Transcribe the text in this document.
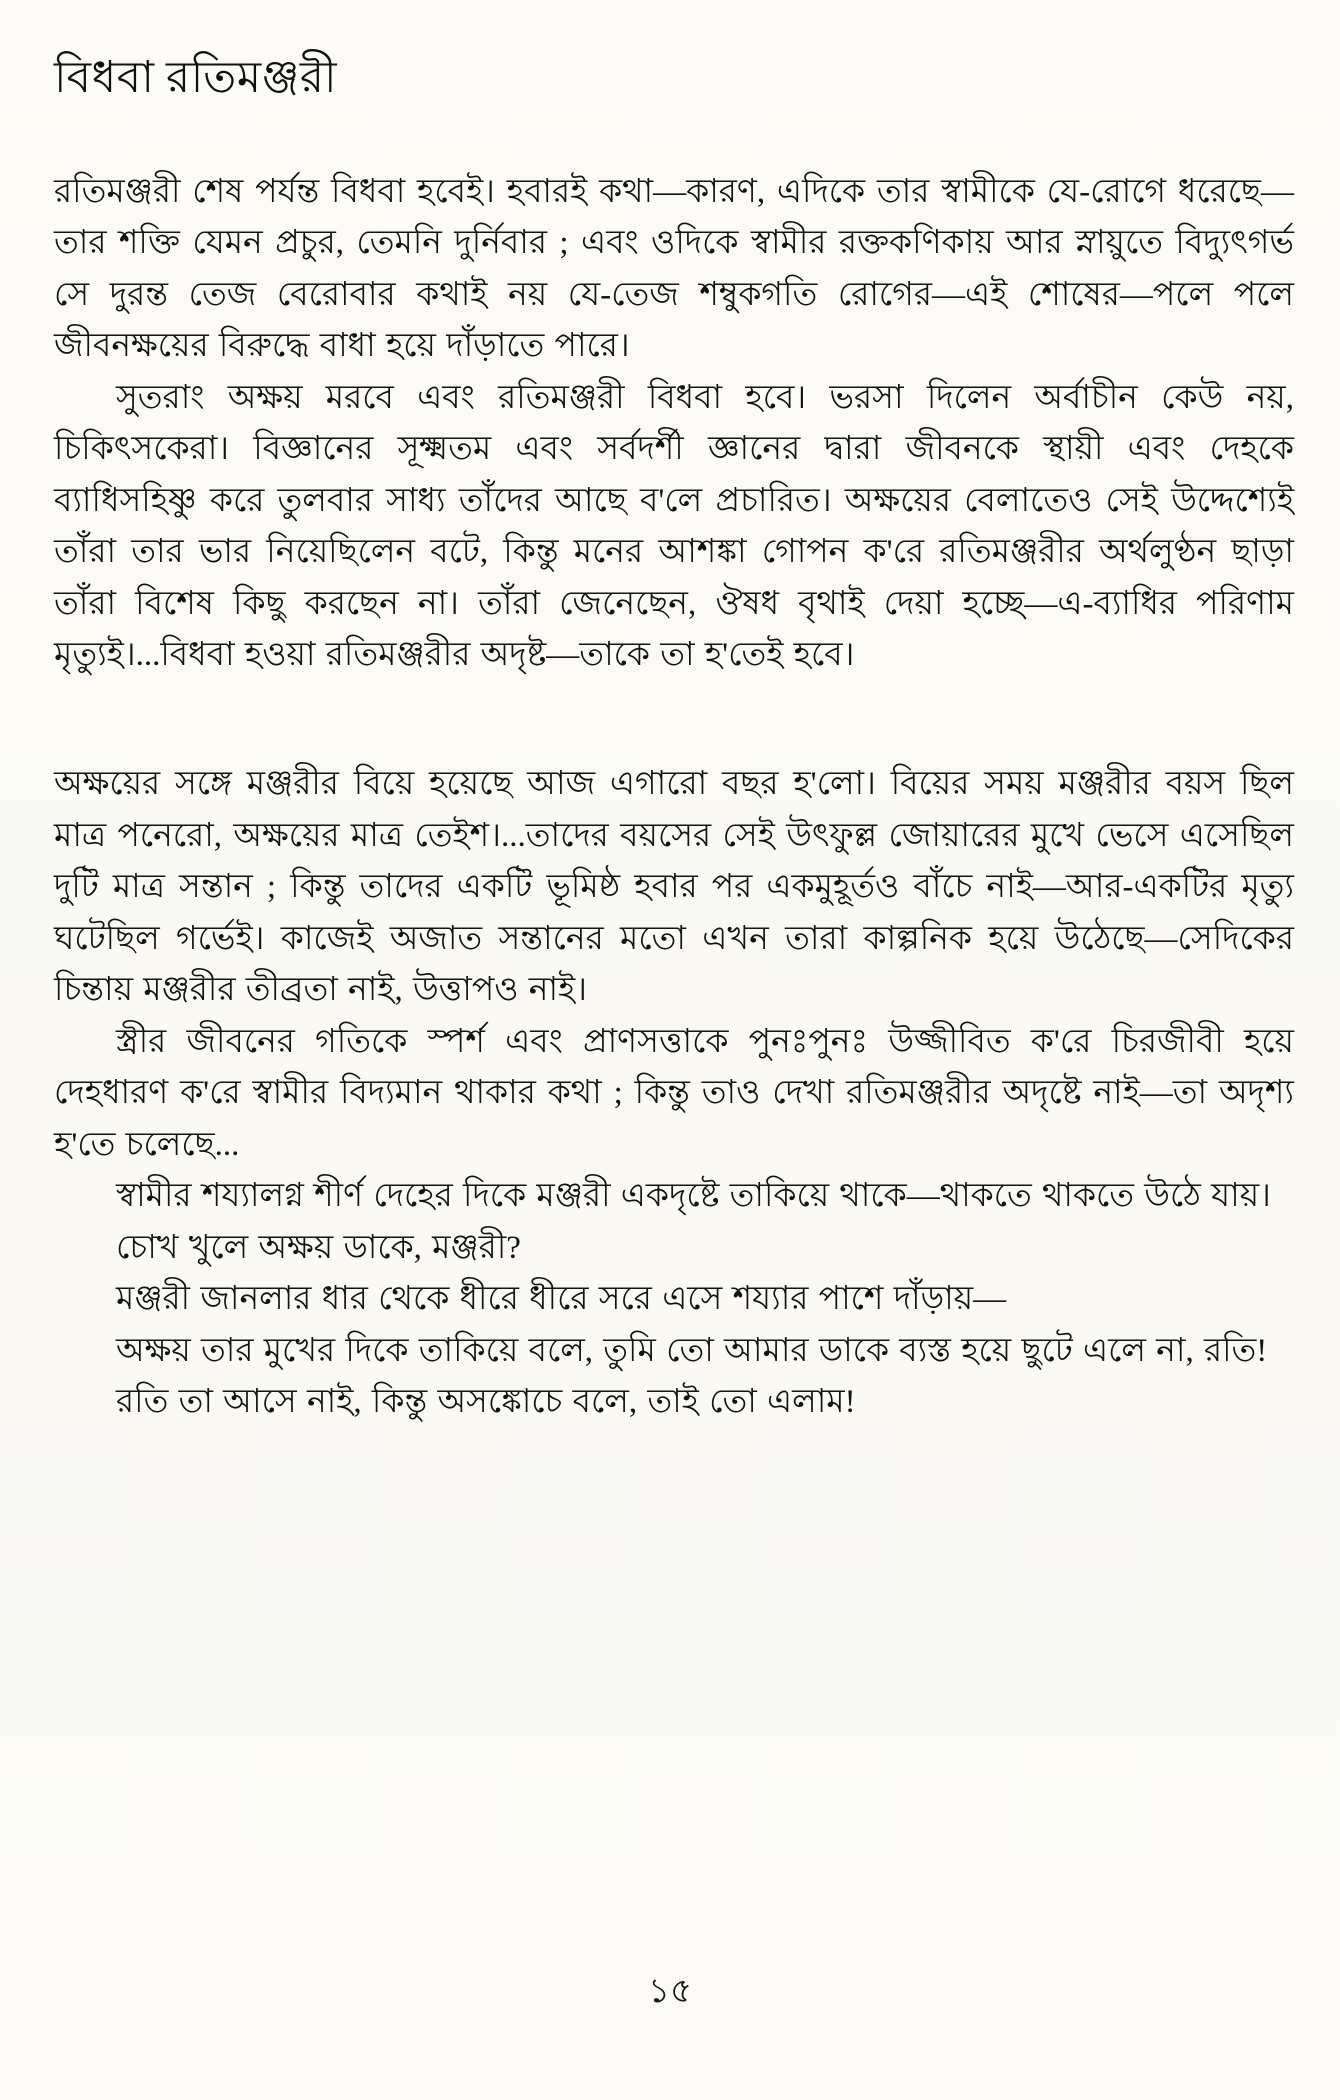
বিধবা রতিমঞ্জরী

রতিমঞ্জরী শেষ পর্যন্ত বিধবা হবেই। হবারই কথা—কারণ, এদিকে তার স্বামীকে যে-রোগে ধরেছে—তার শক্তি যেমন প্রচুর, তেমনি দুর্নিবার ; এবং ওদিকে স্বামীর রক্তকণিকায় আর স্নায়ুতে বিদ্যুৎগর্ভ সে দুরন্ত তেজ বেরোবার কথাই নয় যে-তেজ শম্বুকগতি রোগের—এই শোষের—পলে পলে জীবনক্ষয়ের বিরুদ্ধে বাধা হয়ে দাঁড়াতে পারে।

সুতরাং অক্ষয় মরবে এবং রতিমঞ্জরী বিধবা হবে। ভরসা দিলেন অর্বাচীন কেউ নয়, চিকিৎসকেরা। বিজ্ঞানের সূক্ষ্মতম এবং সর্বদর্শী জ্ঞানের দ্বারা জীবনকে স্থায়ী এবং দেহকে ব্যাধিসহিষ্ণু করে তুলবার সাধ্য তাঁদের আছে ব'লে প্রচারিত। অক্ষয়ের বেলাতেও সেই উদ্দেশ্যেই তাঁরা তার ভার নিয়েছিলেন বটে, কিন্তু মনের আশঙ্কা গোপন ক'রে রতিমঞ্জরীর অর্থলুণ্ঠন ছাড়া তাঁরা বিশেষ কিছু করছেন না। তাঁরা জেনেছেন, ঔষধ বৃথাই দেয়া হচ্ছে—এ-ব্যাধির পরিণাম মৃত্যুই।...বিধবা হওয়া রতিমঞ্জরীর অদৃষ্ট—তাকে তা হ'তেই হবে।

অক্ষয়ের সঙ্গে মঞ্জরীর বিয়ে হয়েছে আজ এগারো বছর হ'লো। বিয়ের সময় মঞ্জরীর বয়স ছিল মাত্র পনেরো, অক্ষয়ের মাত্র তেইশ।...তাদের বয়সের সেই উৎফুল্ল জোয়ারের মুখে ভেসে এসেছিল দুটি মাত্র সন্তান ; কিন্তু তাদের একটি ভূমিষ্ঠ হবার পর একমুহূর্তও বাঁচে নাই—আর-একটির মৃত্যু ঘটেছিল গর্ভেই। কাজেই অজাত সন্তানের মতো এখন তারা কাল্পনিক হয়ে উঠেছে—সেদিকের চিন্তায় মঞ্জরীর তীব্রতা নাই, উত্তাপও নাই।

স্ত্রীর জীবনের গতিকে স্পর্শ এবং প্রাণসত্তাকে পুনঃপুনঃ উজ্জীবিত ক'রে চিরজীবী হয়ে দেহধারণ ক'রে স্বামীর বিদ্যমান থাকার কথা ; কিন্তু তাও দেখা রতিমঞ্জরীর অদৃষ্টে নাই—তা অদৃশ্য হ'তে চলেছে...

স্বামীর শয্যালগ্ন শীর্ণ দেহের দিকে মঞ্জরী একদৃষ্টে তাকিয়ে থাকে—থাকতে থাকতে উঠে যায়।

চোখ খুলে অক্ষয় ডাকে, মঞ্জরী?

মঞ্জরী জানলার ধার থেকে ধীরে ধীরে সরে এসে শয্যার পাশে দাঁড়ায়—

অক্ষয় তার মুখের দিকে তাকিয়ে বলে, তুমি তো আমার ডাকে ব্যস্ত হয়ে ছুটে এলে না, রতি!

রতি তা আসে নাই, কিন্তু অসঙ্কোচে বলে, তাই তো এলাম!

১৫
